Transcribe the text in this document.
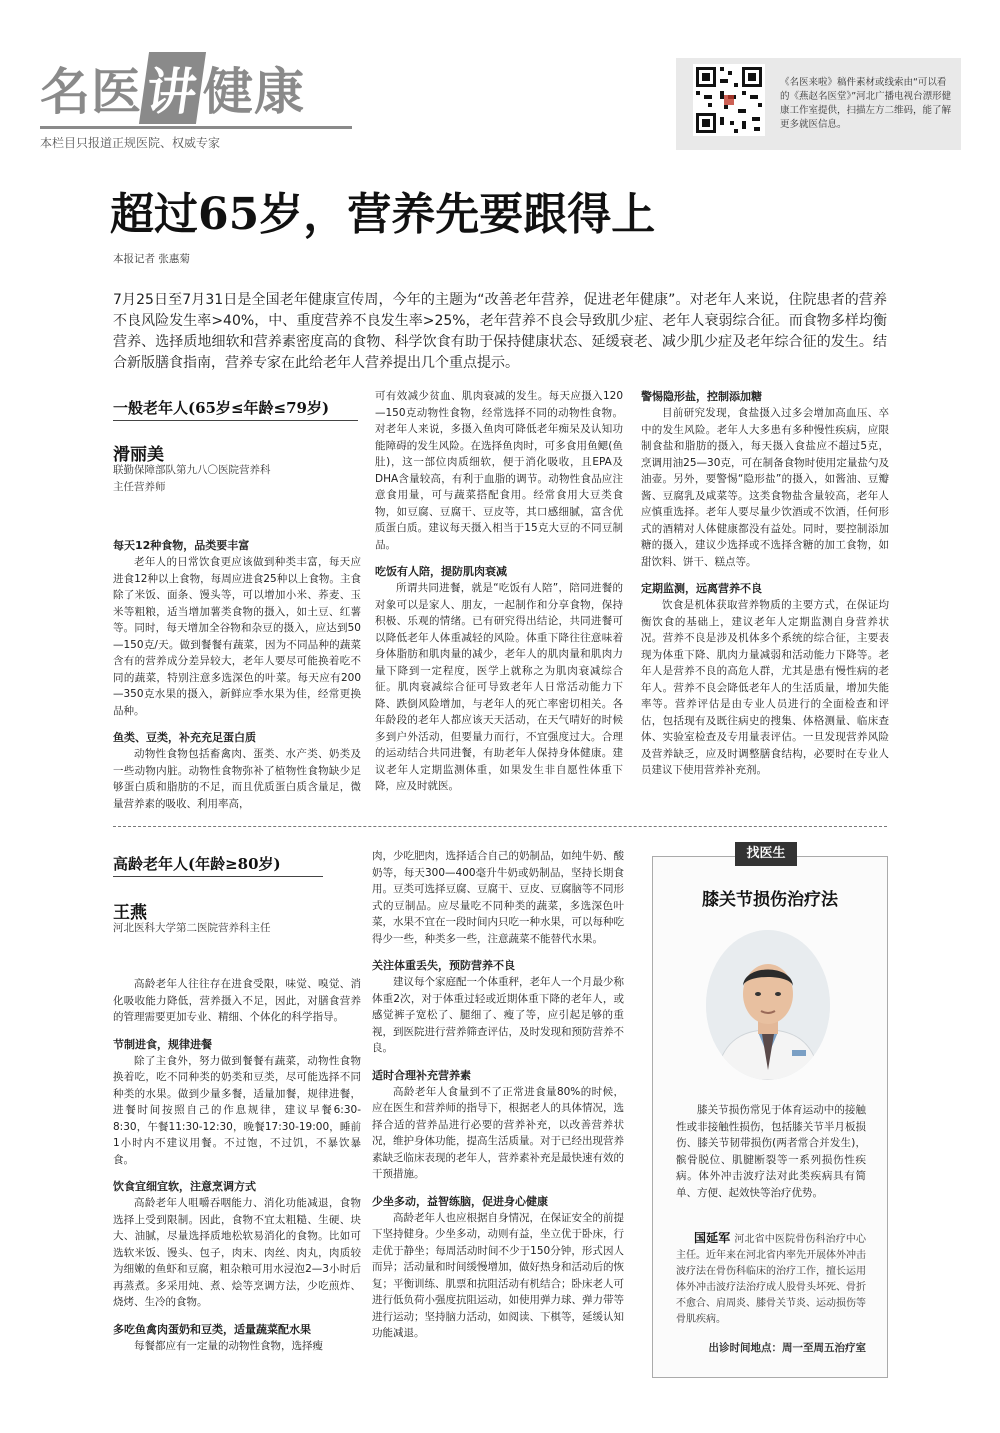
名医讲健康
本栏目只报道正规医院、权威专家
《名医来啦》稿件素材或线索由“可以看的《燕赵名医堂》”河北广播电视台漂形健康工作室提供，扫描左方二维码，能了解更多就医信息。
超过65岁，营养先要跟得上
本报记者 张惠菊
7月25日至7月31日是全国老年健康宣传周，今年的主题为“改善老年营养，促进老年健康”。对老年人来说，住院患者的营养不良风险发生率>40%，中、重度营养不良发生率>25%，老年营养不良会导致肌少症、老年人衰弱综合征。而食物多样均衡营养、选择质地细软和营养素密度高的食物、科学饮食有助于保持健康状态、延缓衰老、减少肌少症及老年综合征的发生。结合新版膳食指南，营养专家在此给老年人营养提出几个重点提示。
一般老年人(65岁≤年龄≤79岁)
滑丽美
联勤保障部队第九八〇医院营养科
主任营养师

每天12种食物，品类要丰富

老年人的日常饮食更应该做到种类丰富，每天应进食12种以上食物，每周应进食25种以上食物。主食除了米饭、面条、馒头等，可以增加小米、荞麦、玉米等粗粮，适当增加薯类食物的摄入，如土豆、红薯等。同时，每天增加全谷物和杂豆的摄入，应达到50—150克/天。做到餐餐有蔬菜，因为不同品种的蔬菜含有的营养成分差异较大，老年人要尽可能换着吃不同的蔬菜，特别注意多选深色的叶菜。每天应有200—350克水果的摄入，新鲜应季水果为佳，经常更换品种。

鱼类、豆类，补充充足蛋白质

动物性食物包括畜禽肉、蛋类、水产类、奶类及一些动物内脏。动物性食物弥补了植物性食物缺少足够蛋白质和脂肪的不足，而且优质蛋白质含量足，微量营养素的吸收、利用率高，

可有效减少贫血、肌肉衰减的发生。每天应摄入120—150克动物性食物，经常选择不同的动物性食物。对老年人来说，多摄入鱼肉可降低老年痴呆及认知功能障碍的发生风险。在选择鱼肉时，可多食用鱼鳃(鱼肚)，这一部位肉质细软，便于消化吸收，且EPA及DHA含量较高，有利于血脂的调节。动物性食品应注意食用量，可与蔬菜搭配食用。经常食用大豆类食物，如豆腐、豆腐干、豆皮等，其口感细腻，富含优质蛋白质。建议每天摄入相当于15克大豆的不同豆制品。

吃饭有人陪，提防肌肉衰减

所谓共同进餐，就是“吃饭有人陪”，陪同进餐的对象可以是家人、朋友，一起制作和分享食物，保持积极、乐观的情绪。已有研究得出结论，共同进餐可以降低老年人体重减轻的风险。体重下降往往意味着身体脂肪和肌肉量的减少，老年人的肌肉量和肌肉力量下降到一定程度，医学上就称之为肌肉衰减综合征。肌肉衰减综合征可导致老年人日常活动能力下降、跌倒风险增加，与老年人的死亡率密切相关。各年龄段的老年人都应该天天活动，在天气晴好的时候多到户外活动，但要量力而行，不宜强度过大。合理的运动结合共同进餐，有助老年人保持身体健康。建议老年人定期监测体重，如果发生非自愿性体重下降，应及时就医。

警惕隐形盐，控制添加糖

目前研究发现，食盐摄入过多会增加高血压、卒中的发生风险。老年人大多患有多种慢性疾病，应限制食盐和脂肪的摄入，每天摄入食盐应不超过5克，烹调用油25—30克，可在制备食物时使用定量盐勺及油壶。另外，要警惕“隐形盐”的摄入，如酱油、豆瓣酱、豆腐乳及咸菜等。这类食物盐含量较高，老年人应慎重选择。老年人要尽量少饮酒或不饮酒，任何形式的酒精对人体健康都没有益处。同时，要控制添加糖的摄入，建议少选择或不选择含糖的加工食物，如甜饮料、饼干、糕点等。

定期监测，远离营养不良

饮食是机体获取营养物质的主要方式，在保证均衡饮食的基础上，建议老年人定期监测自身营养状况。营养不良是涉及机体多个系统的综合征，主要表现为体重下降、肌肉力量减弱和活动能力下降等。老年人是营养不良的高危人群，尤其是患有慢性病的老年人。营养不良会降低老年人的生活质量，增加失能率等。营养评估是由专业人员进行的全面检查和评估，包括现有及既往病史的搜集、体格测量、临床查体、实验室检查及专用量表评估。一旦发现营养风险及营养缺乏，应及时调整膳食结构，必要时在专业人员建议下使用营养补充剂。

高龄老年人(年龄≥80岁)
王燕
河北医科大学第二医院营养科主任

高龄老年人往往存在进食受限，味觉、嗅觉、消化吸收能力降低，营养摄入不足，因此，对膳食营养的管理需要更加专业、精细、个体化的科学指导。

节制进食，规律进餐

除了主食外，努力做到餐餐有蔬菜，动物性食物换着吃，吃不同种类的奶类和豆类，尽可能选择不同种类的水果。做到少量多餐，适量加餐，规律进餐，进餐时间按照自己的作息规律，建议早餐6:30-8:30，午餐11:30-12:30，晚餐17:30-19:00，睡前1小时内不建议用餐。不过饱，不过饥，不暴饮暴食。

饮食宜细宜软，注意烹调方式

高龄老年人咀嚼吞咽能力、消化功能减退，食物选择上受到限制。因此，食物不宜太粗糙、生硬、块大、油腻，尽量选择质地松软易消化的食物。比如可选软米饭、馒头、包子，肉末、肉丝、肉丸，肉质较为细嫩的鱼虾和豆腐，粗杂粮可用水浸泡2—3小时后再蒸煮。多采用炖、煮、烩等烹调方法，少吃煎炸、烧烤、生冷的食物。

多吃鱼禽肉蛋奶和豆类，适量蔬菜配水果

每餐都应有一定量的动物性食物，选择瘦

肉，少吃肥肉，选择适合自己的奶制品，如纯牛奶、酸奶等，每天300—400毫升牛奶或奶制品，坚持长期食用。豆类可选择豆腐、豆腐干、豆皮、豆腐脑等不同形式的豆制品。应尽量吃不同种类的蔬菜，多选深色叶菜，水果不宜在一段时间内只吃一种水果，可以每种吃得少一些，种类多一些，注意蔬菜不能替代水果。

关注体重丢失，预防营养不良

建议每个家庭配一个体重秤，老年人一个月最少称体重2次，对于体重过轻或近期体重下降的老年人，或感觉裤子宽松了、腿细了、瘦了等，应引起足够的重视，到医院进行营养筛查评估，及时发现和预防营养不良。

适时合理补充营养素

高龄老年人食量到不了正常进食量80%的时候，应在医生和营养师的指导下，根据老人的具体情况，选择合适的营养品进行必要的营养补充，以改善营养状况，维护身体功能，提高生活质量。对于已经出现营养素缺乏临床表现的老年人，营养素补充是最快速有效的干预措施。

少坐多动，益智练脑，促进身心健康

高龄老年人也应根据自身情况，在保证安全的前提下坚持健身。少坐多动，动则有益，坐立优于卧床，行走优于静坐；每周活动时间不少于150分钟，形式因人而异；活动量和时间缓慢增加，做好热身和活动后的恢复；平衡训练、肌票和抗阻活动有机结合；卧床老人可进行低负荷小强度抗阻运动，如使用弹力球、弹力带等进行运动；坚持脑力活动，如阅读、下棋等，延缓认知功能减退。

找医生
膝关节损伤治疗法
膝关节损伤常见于体育运动中的接触性或非接触性损伤，包括膝关节半月板损伤、膝关节韧带损伤(两者常合并发生)，髌骨脱位、肌腱断裂等一系列损伤性疾病。体外冲击波疗法对此类疾病具有简单、方便、起效快等治疗优势。
国延军 河北省中医院骨伤科治疗中心主任。近年来在河北省内率先开展体外冲击波疗法在骨伤科临床的治疗工作，擅长运用体外冲击波疗法治疗成人股骨头坏死、骨折不愈合、肩周炎、膝骨关节炎、运动损伤等骨肌疾病。
出诊时间地点：周一至周五治疗室
